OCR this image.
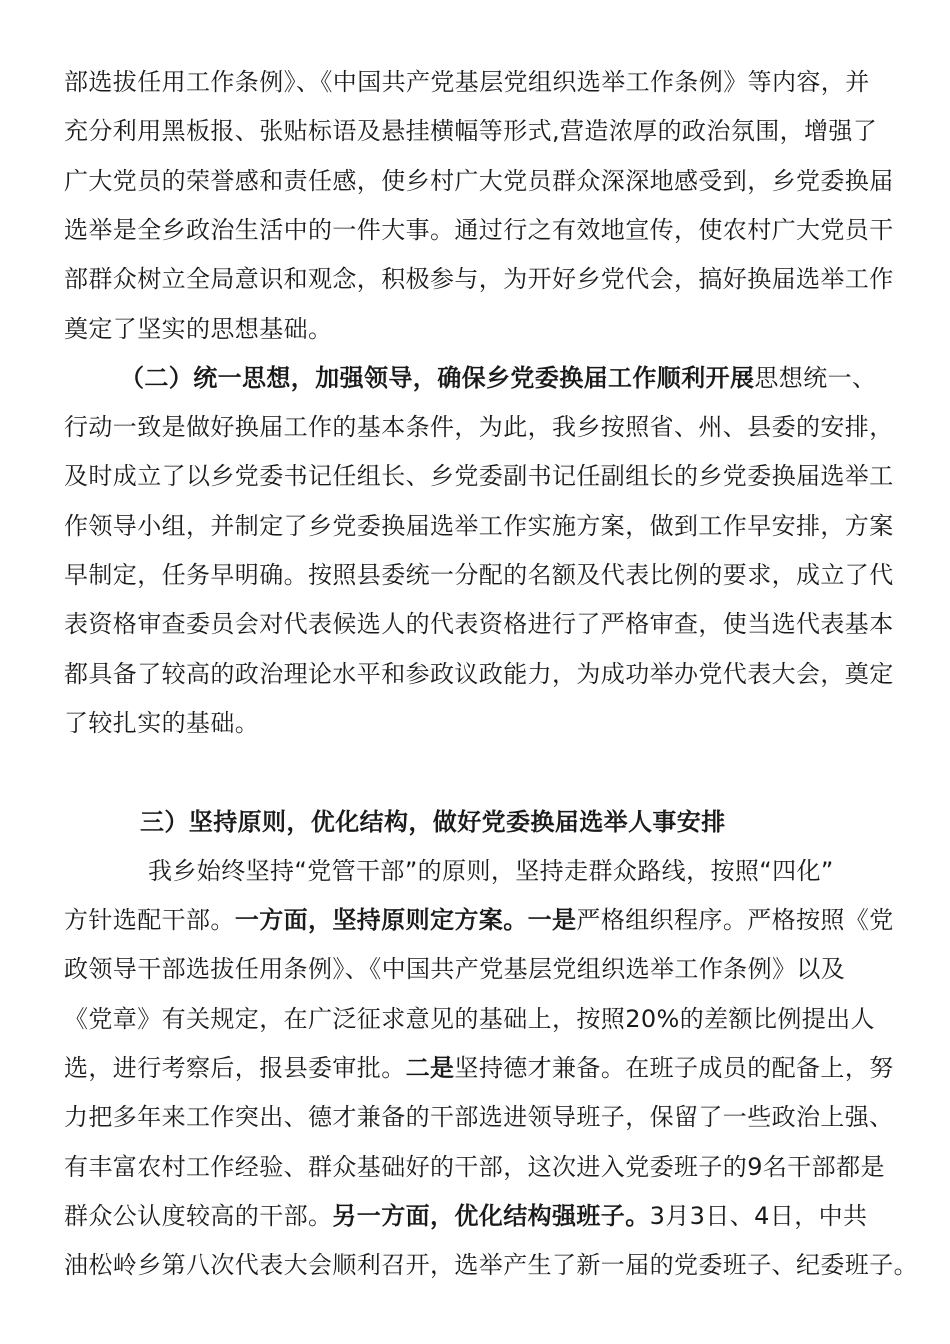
部选拔任用工作条例》、《中国共产党基层党组织选举工作条例》等内容，并
充分利用黑板报、张贴标语及悬挂横幅等形式,营造浓厚的政治氛围，增强了
广大党员的荣誉感和责任感，使乡村广大党员群众深深地感受到，乡党委换届
选举是全乡政治生活中的一件大事。通过行之有效地宣传，使农村广大党员干
部群众树立全局意识和观念，积极参与，为开好乡党代会，搞好换届选举工作
奠定了坚实的思想基础。
（二）统一思想，加强领导，确保乡党委换届工作顺利开展思想统一、
行动一致是做好换届工作的基本条件，为此，我乡按照省、州、县委的安排，
及时成立了以乡党委书记任组长、乡党委副书记任副组长的乡党委换届选举工
作领导小组，并制定了乡党委换届选举工作实施方案，做到工作早安排，方案
早制定，任务早明确。按照县委统一分配的名额及代表比例的要求，成立了代
表资格审查委员会对代表候选人的代表资格进行了严格审查，使当选代表基本
都具备了较高的政治理论水平和参政议政能力，为成功举办党代表大会，奠定
了较扎实的基础。
三）坚持原则，优化结构，做好党委换届选举人事安排
我乡始终坚持“党管干部”的原则，坚持走群众路线，按照“四化”
方针选配干部。一方面，坚持原则定方案。一是严格组织程序。严格按照《党
政领导干部选拔任用条例》、《中国共产党基层党组织选举工作条例》以及
《党章》有关规定，在广泛征求意见的基础上，按照20%的差额比例提出人
选，进行考察后，报县委审批。二是坚持德才兼备。在班子成员的配备上，努
力把多年来工作突出、德才兼备的干部选进领导班子，保留了一些政治上强、
有丰富农村工作经验、群众基础好的干部，这次进入党委班子的9名干部都是
群众公认度较高的干部。另一方面，优化结构强班子。3月3日、4日，中共
油松岭乡第八次代表大会顺利召开，选举产生了新一届的党委班子、纪委班子。
